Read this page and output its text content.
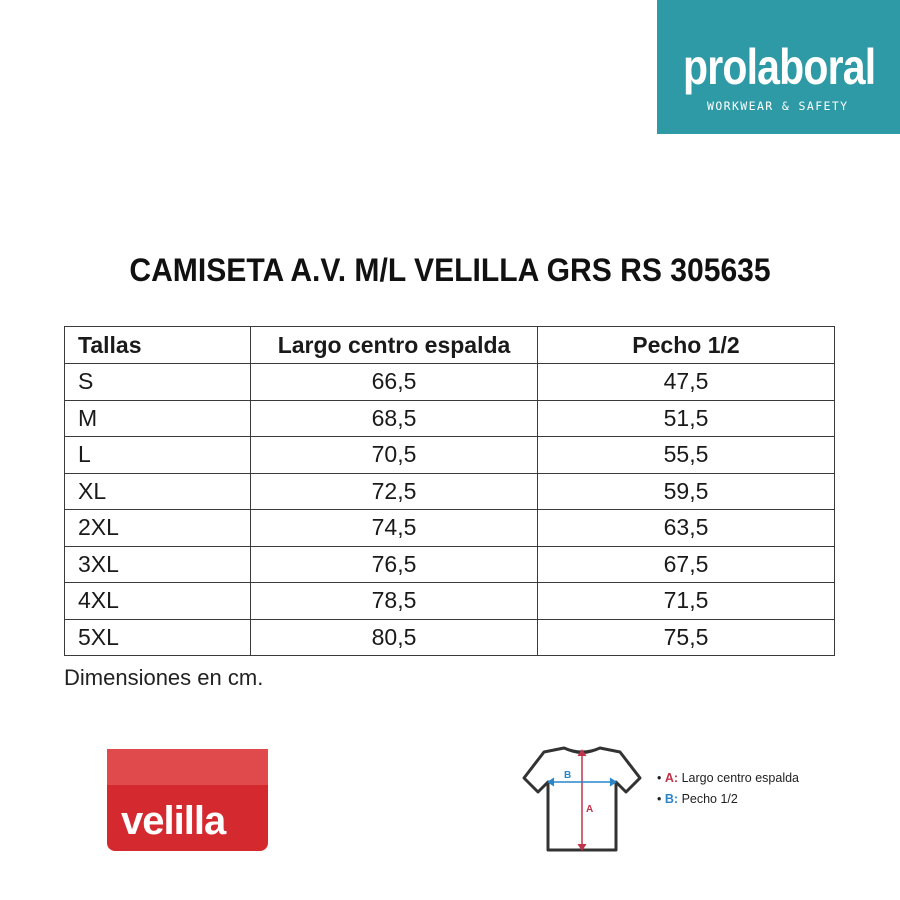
prolaboral
WORKWEAR & SAFETY
CAMISETA A.V. M/L VELILLA GRS RS 305635
Tallas	Largo centro espalda	Pecho 1/2
S	66,5	47,5
M	68,5	51,5
L	70,5	55,5
XL	72,5	59,5
2XL	74,5	63,5
3XL	76,5	67,5
4XL	78,5	71,5
5XL	80,5	75,5
Dimensiones en cm.
velilla
B
A
• A: Largo centro espalda
• B: Pecho 1/2
